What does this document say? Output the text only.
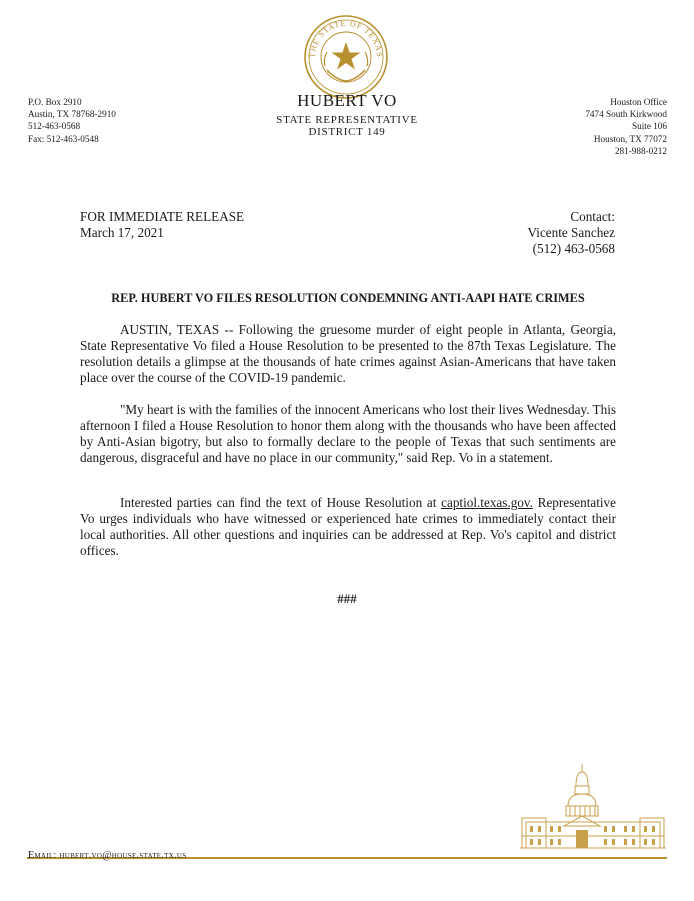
THE STATE OF TEXAS
HUBERT VO
STATE REPRESENTATIVE
DISTRICT 149
P.O. Box 2910
Austin, TX 78768-2910
512-463-0568
Fax: 512-463-0548
Houston Office
7474 South Kirkwood
Suite 106
Houston, TX 77072
281-988-0212
FOR IMMEDIATE RELEASE
March 17, 2021
Contact:
Vicente Sanchez
(512) 463-0568
REP. HUBERT VO FILES RESOLUTION CONDEMNING ANTI-AAPI HATE CRIMES
AUSTIN, TEXAS -- Following the gruesome murder of eight people in Atlanta, Georgia, State Representative Vo filed a House Resolution to be presented to the 87th Texas Legislature. The resolution details a glimpse at the thousands of hate crimes against Asian-Americans that have taken place over the course of the COVID-19 pandemic.
"My heart is with the families of the innocent Americans who lost their lives Wednesday. This afternoon I filed a House Resolution to honor them along with the thousands who have been affected by Anti-Asian bigotry, but also to formally declare to the people of Texas that such sentiments are dangerous, disgraceful and have no place in our community," said Rep. Vo in a statement.
Interested parties can find the text of House Resolution at captiol.texas.gov. Representative Vo urges individuals who have witnessed or experienced hate crimes to immediately contact their local authorities. All other questions and inquiries can be addressed at Rep. Vo's capitol and district offices.
###
Email: hubert.vo@house.state.tx.us
